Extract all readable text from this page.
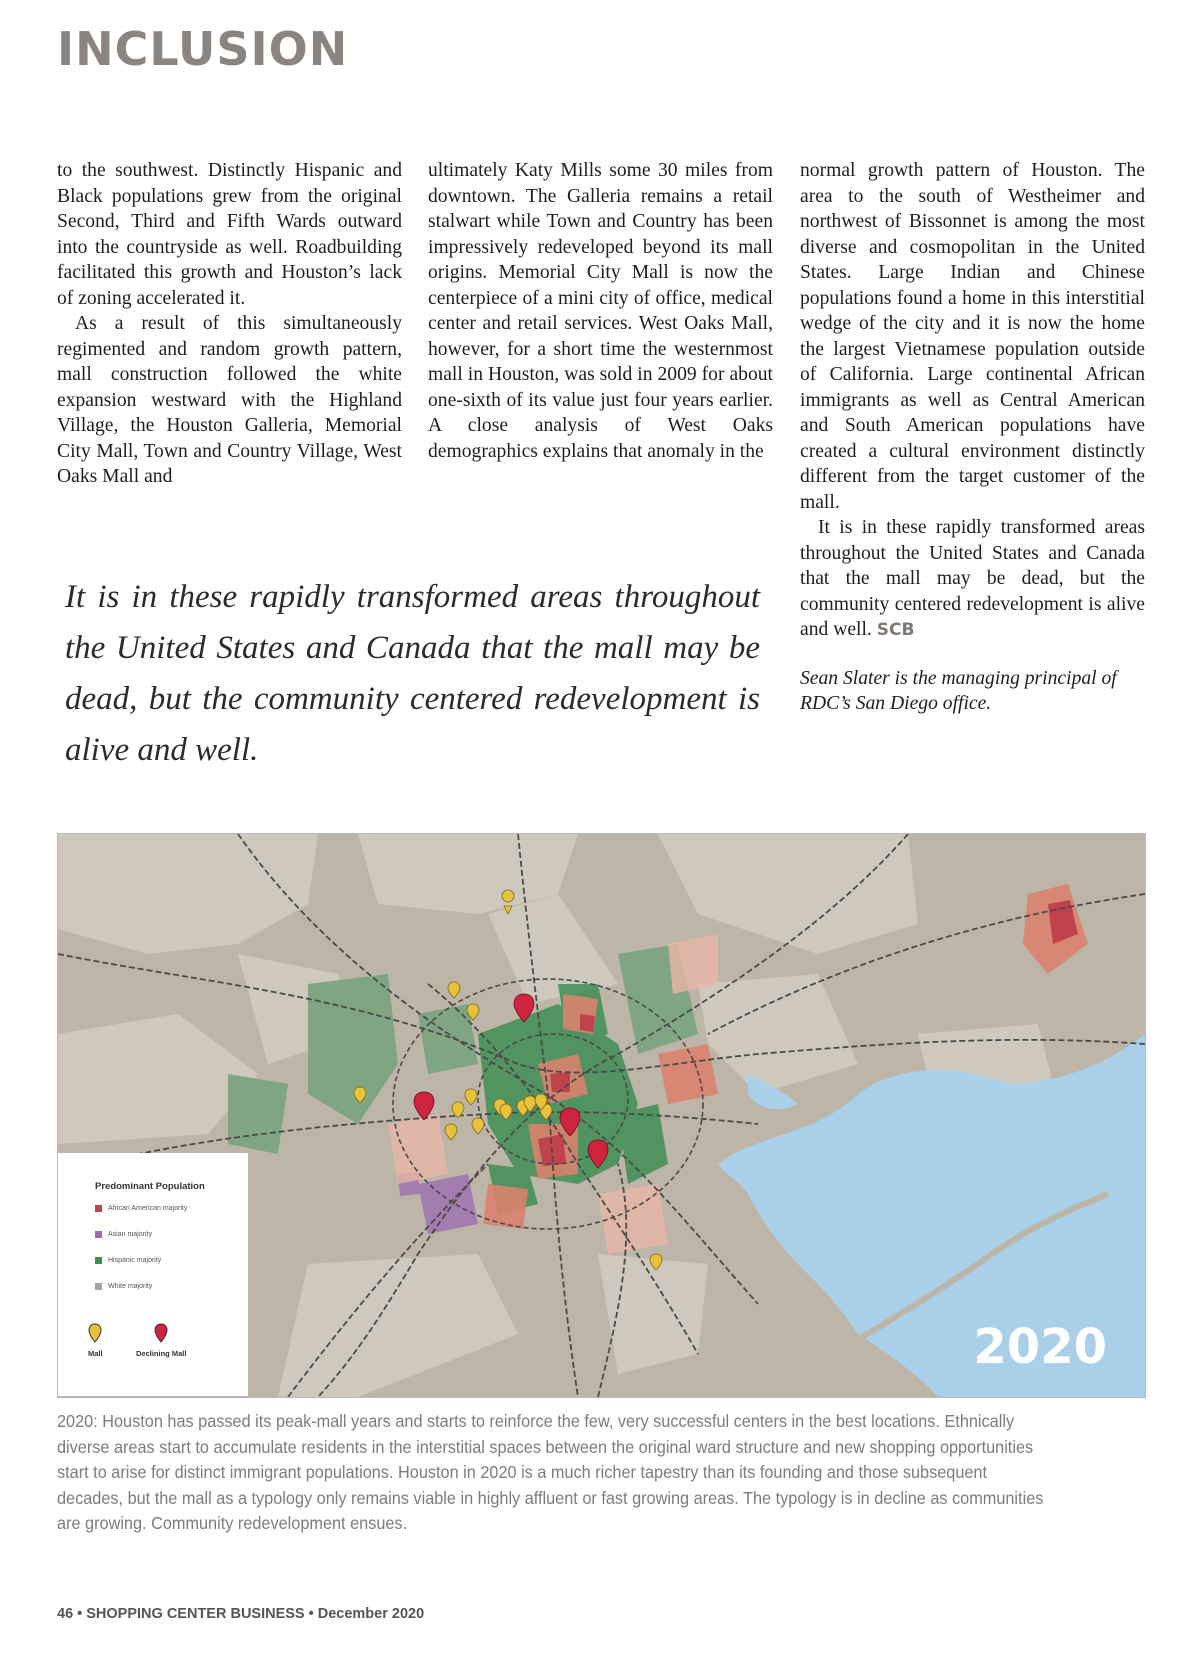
INCLUSION

to the southwest. Distinctly Hispanic and Black populations grew from the original Second, Third and Fifth Wards outward into the countryside as well. Roadbuilding facilitated this growth and Houston’s lack of zoning accelerated it.

As a result of this simultaneously regimented and random growth pattern, mall construction followed the white expansion westward with the Highland Village, the Houston Galleria, Memorial City Mall, Town and Country Village, West Oaks Mall and

ultimately Katy Mills some 30 miles from downtown. The Galleria remains a retail stalwart while Town and Country has been impressively redeveloped beyond its mall origins. Memorial City Mall is now the centerpiece of a mini city of office, medical center and retail services. West Oaks Mall, however, for a short time the westernmost mall in Houston, was sold in 2009 for about one-sixth of its value just four years earlier. A close analysis of West Oaks demographics explains that anomaly in the

normal growth pattern of Houston. The area to the south of Westheimer and northwest of Bissonnet is among the most diverse and cosmopolitan in the United States. Large Indian and Chinese populations found a home in this interstitial wedge of the city and it is now the home the largest Vietnamese population outside of California. Large continental African immigrants as well as Central American and South American populations have created a cultural environment distinctly different from the target customer of the mall.

It is in these rapidly transformed areas throughout the United States and Canada that the mall may be dead, but the community centered redevelopment is alive and well. SCB

Sean Slater is the managing principal of RDC’s San Diego office.

It is in these rapidly transformed areas throughout the United States and Canada that the mall may be dead, but the community centered redevelopment is alive and well.

Predominant Population
African American majority
Asian majority
Hispanic majority
White majority
Mall	Declining Mall	2020

2020: Houston has passed its peak-mall years and starts to reinforce the few, very successful centers in the best locations. Ethnically diverse areas start to accumulate residents in the interstitial spaces between the original ward structure and new shopping opportunities start to arise for distinct immigrant populations. Houston in 2020 is a much richer tapestry than its founding and those subsequent decades, but the mall as a typology only remains viable in highly affluent or fast growing areas. The typology is in decline as communities are growing. Community redevelopment ensues.

46 • SHOPPING CENTER BUSINESS • December 2020
